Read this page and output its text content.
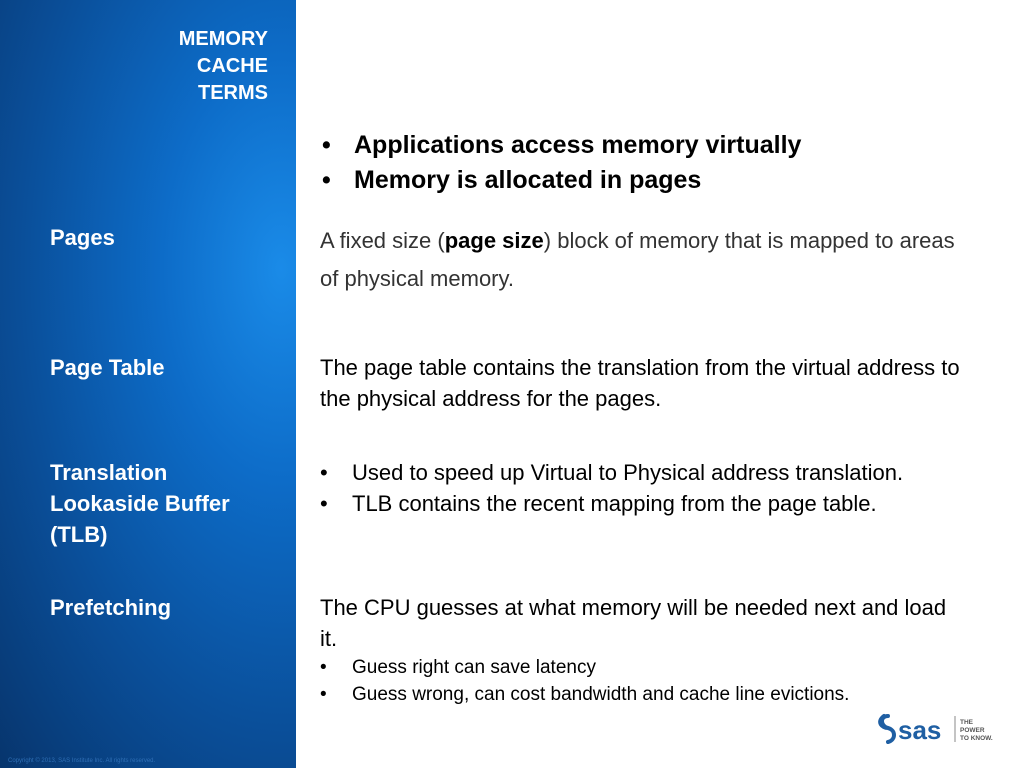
MEMORY
CACHE
TERMS
Pages
Page Table
Translation Lookaside Buffer (TLB)
Prefetching
Copyright © 2013, SAS Institute Inc. All rights reserved.
• Applications access memory virtually
• Memory is allocated in pages
A fixed size (page size) block of memory that is mapped to areas of physical memory.
The page table contains the translation from the virtual address to the physical address for the pages.
• Used to speed up Virtual to Physical address translation.
• TLB contains the recent mapping from the page table.
The CPU guesses at what memory will be needed next and load it.
• Guess right can save latency
• Guess wrong, can cost bandwidth and cache line evictions.
sas	THE
POWER
TO KNOW.
